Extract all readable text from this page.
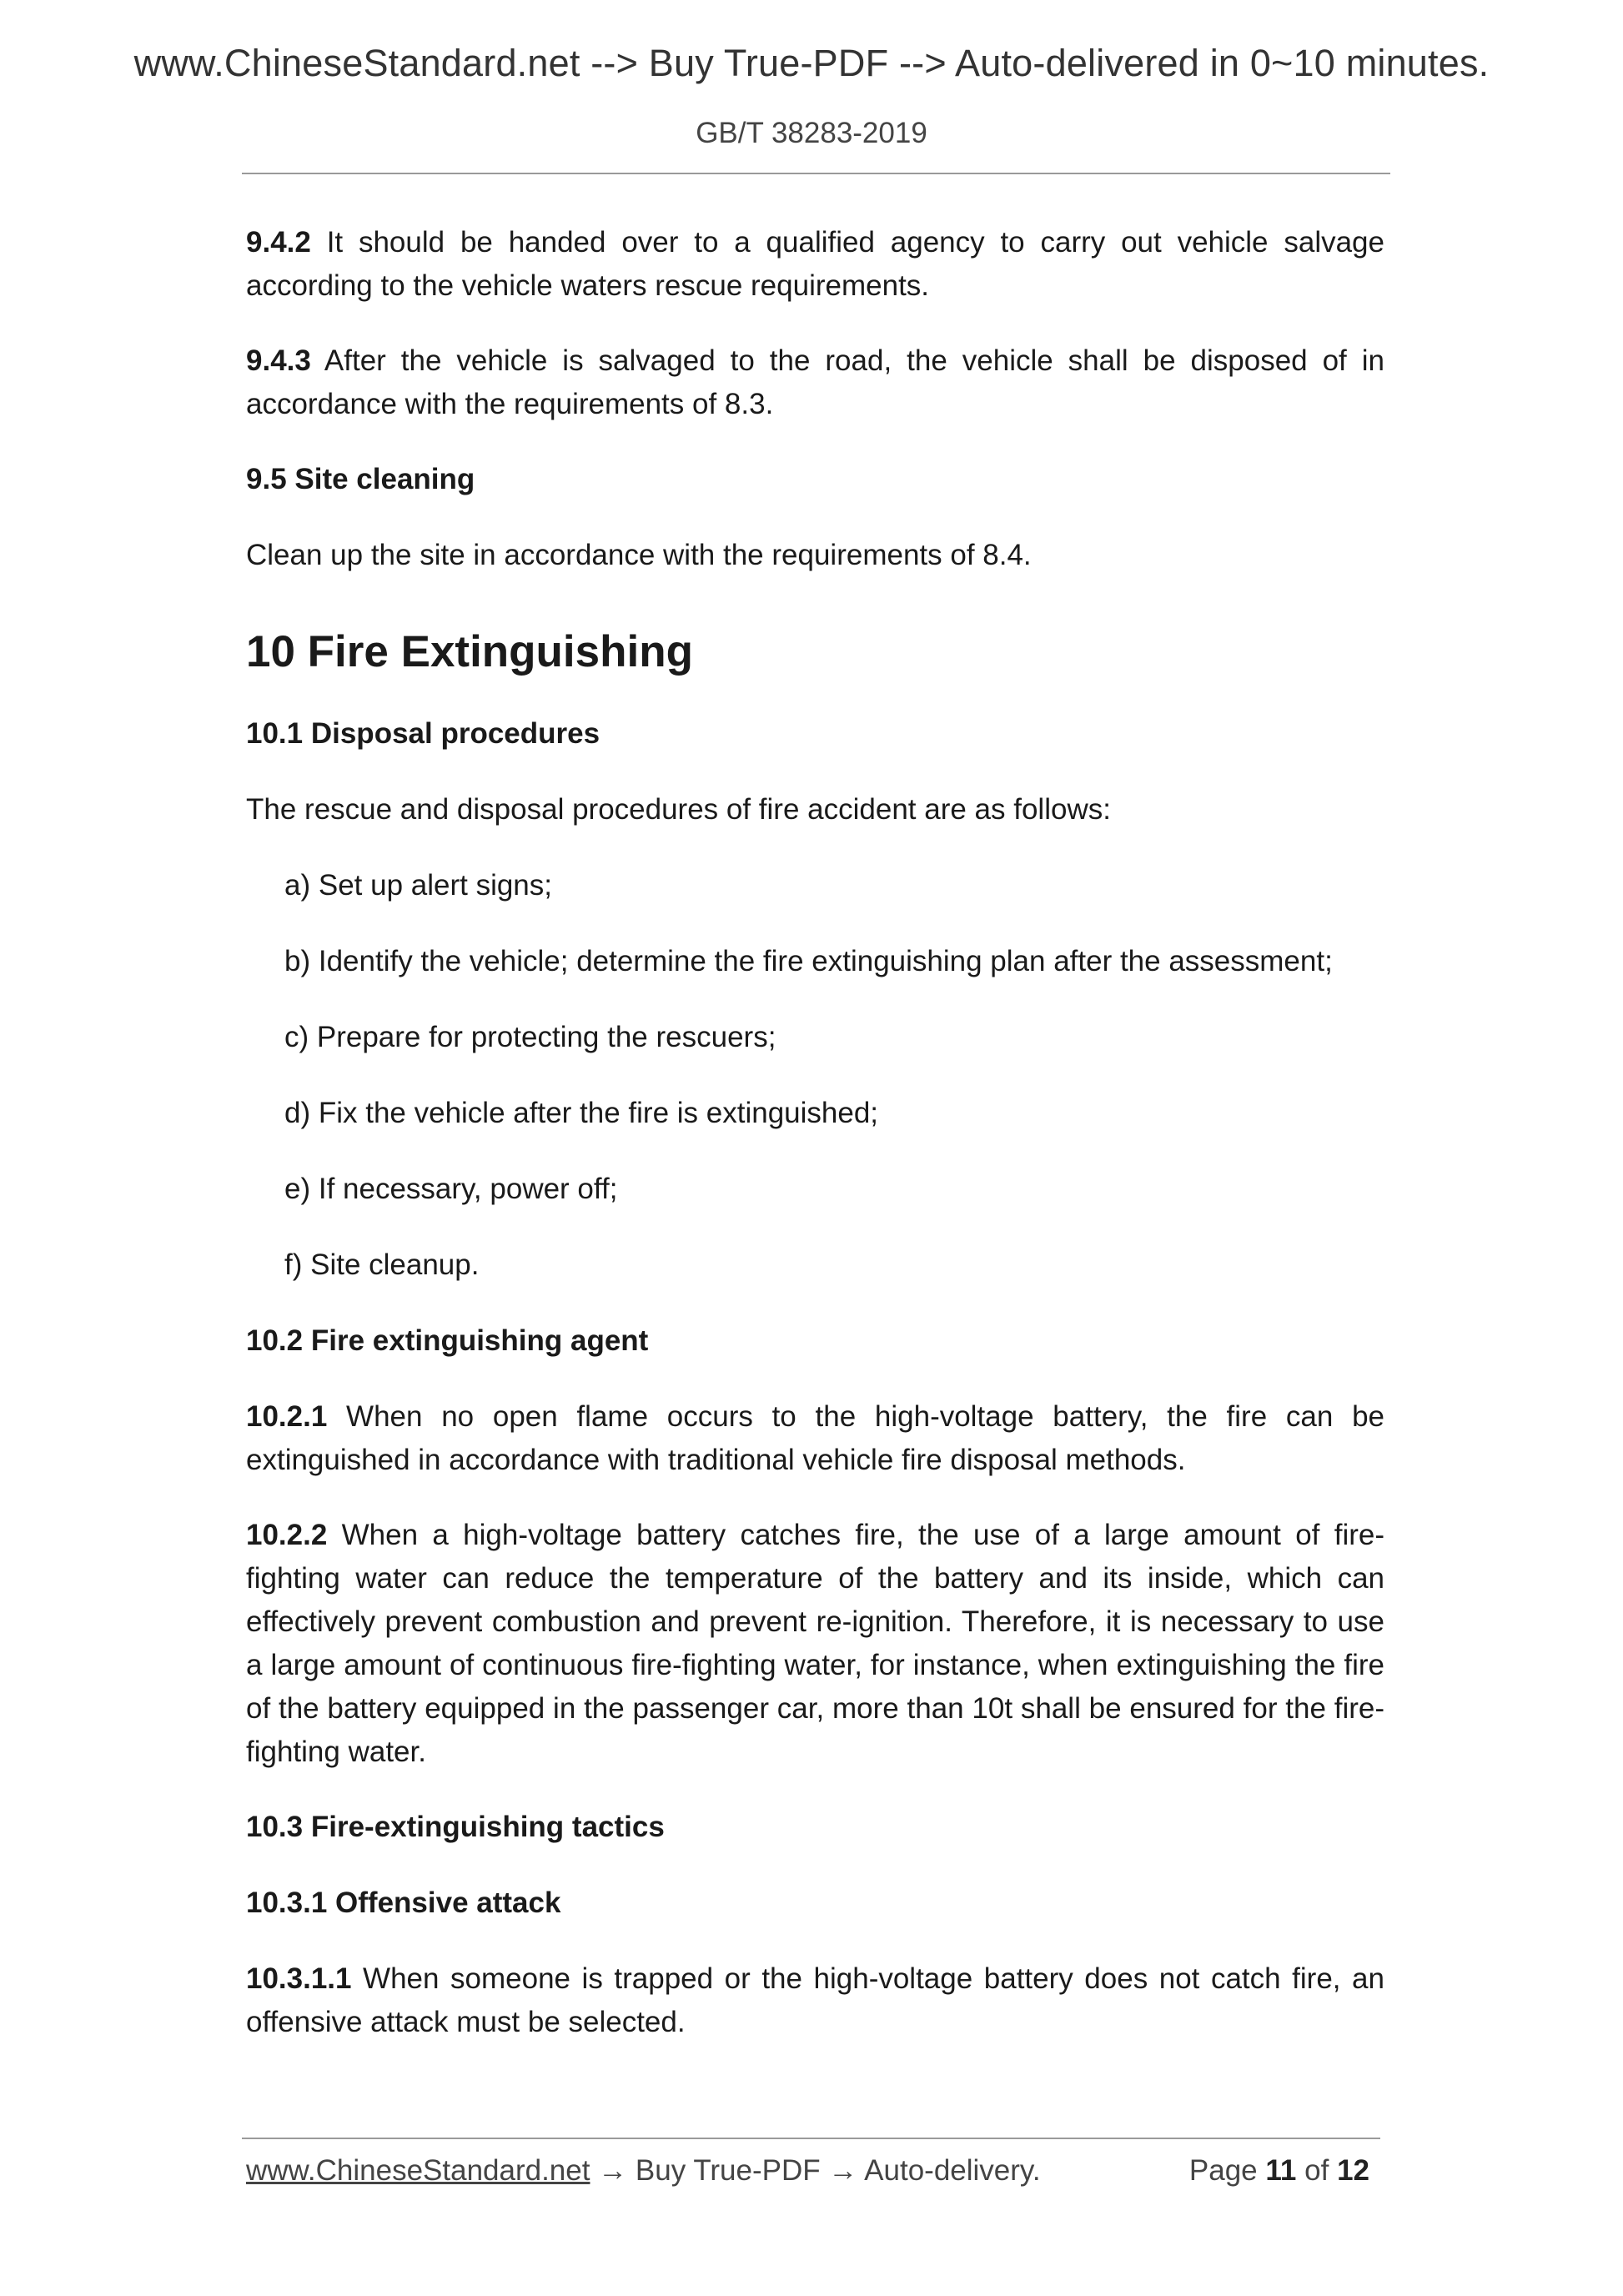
www.ChineseStandard.net --> Buy True-PDF --> Auto-delivered in 0~10 minutes.
GB/T 38283-2019

9.4.2 It should be handed over to a qualified agency to carry out vehicle salvage according to the vehicle waters rescue requirements.

9.4.3 After the vehicle is salvaged to the road, the vehicle shall be disposed of in accordance with the requirements of 8.3.

9.5 Site cleaning

Clean up the site in accordance with the requirements of 8.4.

10 Fire Extinguishing

10.1 Disposal procedures

The rescue and disposal procedures of fire accident are as follows:

a) Set up alert signs;

b) Identify the vehicle; determine the fire extinguishing plan after the assessment;

c) Prepare for protecting the rescuers;

d) Fix the vehicle after the fire is extinguished;

e) If necessary, power off;

f) Site cleanup.

10.2 Fire extinguishing agent

10.2.1 When no open flame occurs to the high-voltage battery, the fire can be extinguished in accordance with traditional vehicle fire disposal methods.

10.2.2 When a high-voltage battery catches fire, the use of a large amount of fire-fighting water can reduce the temperature of the battery and its inside, which can effectively prevent combustion and prevent re-ignition. Therefore, it is necessary to use a large amount of continuous fire-fighting water, for instance, when extinguishing the fire of the battery equipped in the passenger car, more than 10t shall be ensured for the fire-fighting water.

10.3 Fire-extinguishing tactics

10.3.1 Offensive attack

10.3.1.1 When someone is trapped or the high-voltage battery does not catch fire, an offensive attack must be selected.

www.ChineseStandard.net → Buy True-PDF → Auto-delivery.	Page 11 of 12
